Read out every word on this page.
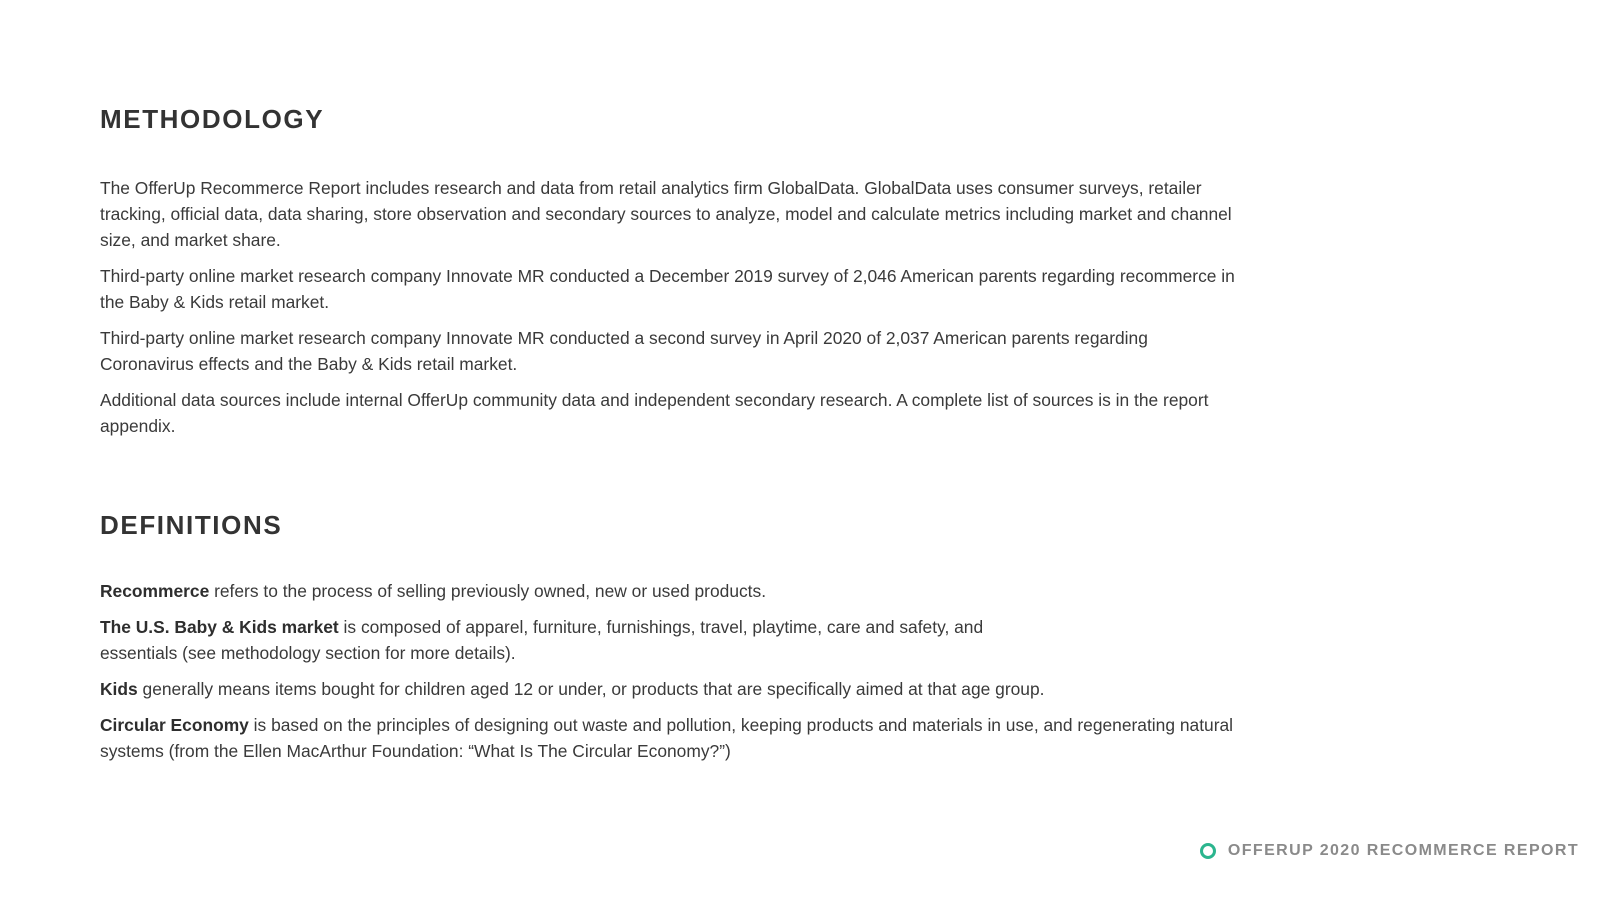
METHODOLOGY

The OfferUp Recommerce Report includes research and data from retail analytics firm GlobalData. GlobalData uses consumer surveys, retailer tracking, official data, data sharing, store observation and secondary sources to analyze, model and calculate metrics including market and channel size, and market share.

Third-party online market research company Innovate MR conducted a December 2019 survey of 2,046 American parents regarding recommerce in the Baby & Kids retail market.

Third-party online market research company Innovate MR conducted a second survey in April 2020 of 2,037 American parents regarding Coronavirus effects and the Baby & Kids retail market.

Additional data sources include internal OfferUp community data and independent secondary research. A complete list of sources is in the report appendix.

DEFINITIONS

Recommerce refers to the process of selling previously owned, new or used products.

The U.S. Baby & Kids market is composed of apparel, furniture, furnishings, travel, playtime, care and safety, and essentials (see methodology section for more details).

Kids generally means items bought for children aged 12 or under, or products that are specifically aimed at that age group.

Circular Economy is based on the principles of designing out waste and pollution, keeping products and materials in use, and regenerating natural systems (from the Ellen MacArthur Foundation: “What Is The Circular Economy?”)

OFFERUP 2020 RECOMMERCE REPORT
